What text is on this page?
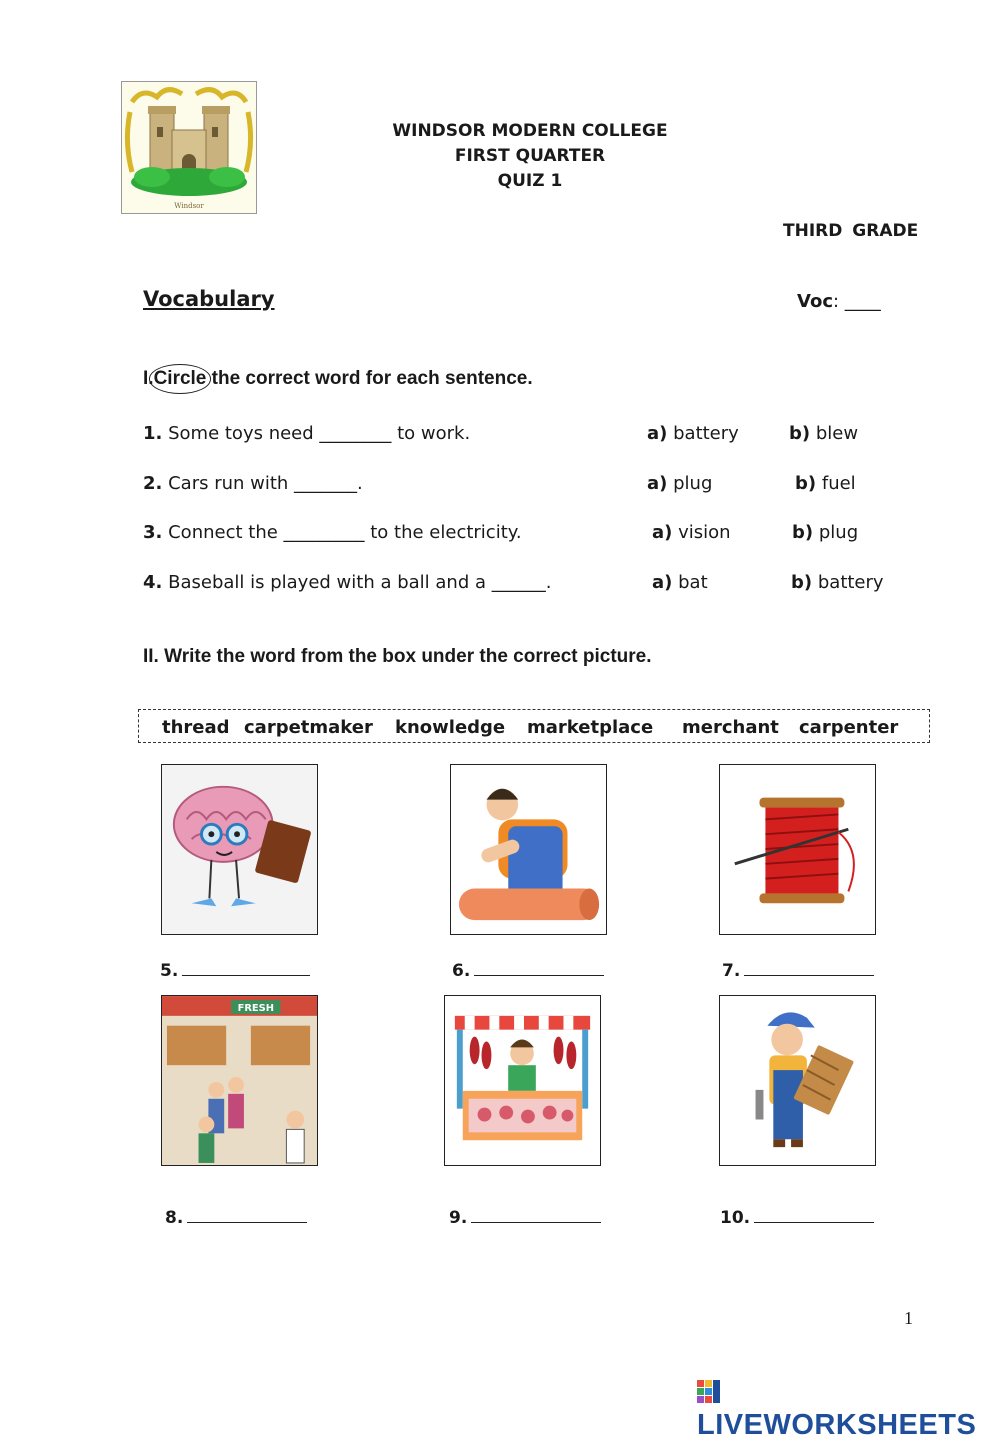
Windsor
WINDSOR MODERN COLLEGE
FIRST QUARTER
QUIZ 1
THIRD GRADE
Vocabulary	Voc: ____
I.Circle the correct word for each sentence.
1. Some toys need ________ to work.	a) battery	b) blew
2. Cars run with _______.	a) plug	b) fuel
3. Connect the _________ to the electricity.	a) vision	b) plug
4. Baseball is played with a ball and a ______.	a) bat	b) battery
II. Write the word from the box under the correct picture.
thread carpetmaker knowledge marketplace merchant carpenter
5.	6.	7.
FRESH
8.	9.	10.
1
LIVEWORKSHEETS
